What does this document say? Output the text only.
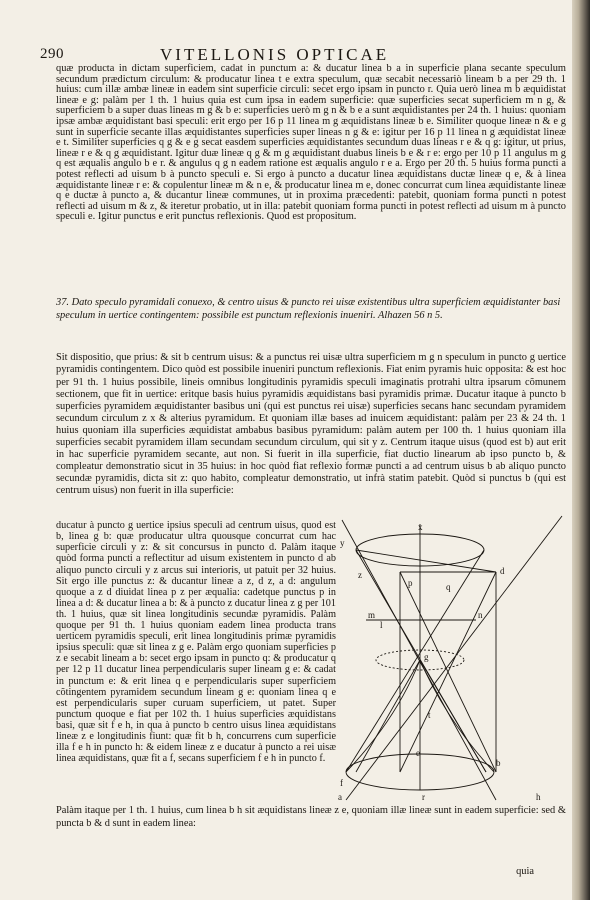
290	VITELLONIS OPTICAE

quæ producta in dictam superficiem, cadat in punctum a: & ducatur linea b a in superficie plana secante speculum secundum prædictum circulum: & producatur linea t e extra speculum, quæ secabit necessariò lineam b a per 29 th. 1 huius: cum illæ ambæ lineæ in eadem sint superficie circuli: secet ergo ipsam in puncto r. Quia uerò linea m b æquidistat lineæ e g: palàm per 1 th. 1 huius quia est cum ipsa in eadem superficie: quæ superficies secat superficiem m n g, & superficiem b a super duas lineas m g & b e: superficies uerò m g n & b e a sunt æquidistantes per 24 th. 1 huius: quoniam ipsæ ambæ æquidistant basi speculi: erit ergo per 16 p 11 linea m g æquidistans lineæ b e. Similiter quoque lineæ n & e g sunt in superficie secante illas æquidistantes superficies super lineas n g & e: igitur per 16 p 11 linea n g æquidistat lineæ e t. Similiter superficies q g & e g secat easdem superficies æquidistantes secundum duas lineas r e & q g: igitur, ut prius, lineæ r e & q g æquidistant. Igitur duæ lineæ q g & m g æquidistant duabus lineis b e & r e: ergo per 10 p 11 angulus m g q est æqualis angulo b e r. & angulus q g n eadem ratione est æqualis angulo r e a. Ergo per 20 th. 5 huius forma puncti a potest reflecti ad uisum b à puncto speculi e. Si ergo à puncto a ducatur linea æquidistans ductæ lineæ q e, & à linea æquidistante lineæ r e: & copulentur lineæ m & n e, & producatur linea m e, donec concurrat cum linea æquidistante lineæ q e ductæ à puncto a, & ducantur lineæ communes, ut in proxima præcedenti: patebit, quoniam forma puncti n potest reflecti ad uisum m & z, & iteretur probatio, ut in illa: patebit quoniam forma puncti in potest reflecti ad uisum m à puncto speculi e. Igitur punctus e erit punctus reflexionis. Quod est propositum.

37. Dato speculo pyramidali conuexo, & centro uisus & puncto rei uisæ existentibus ultra superficiem æquidistanter basi speculum in uertice contingentem: possibile est punctum reflexionis inueniri. Alhazen 56 n 5.

Sit dispositio, que prius: & sit b centrum uisus: & a punctus rei uisæ ultra superficiem m g n speculum in puncto g uertice pyramidis contingentem. Dico quòd est possibile inueniri punctum reflexionis. Fiat enim pyramis huic opposita: & est hoc per 91 th. 1 huius possibile, lineis omnibus longitudinis pyramidis speculi imaginatis protrahi ultra ipsarum cõmunem sectionem, que fit in uertice: eritque basis huius pyramidis æquidistans basi pyramidis primæ. Ducatur itaque à puncto b superficies pyramidem æquidistanter basibus uni (qui est punctus rei uisæ) superficies secans hanc secundam pyramidem secundum circulum z x & alterius pyramidum. Et quoniam illæ bases ad inuicem æquidistant: palàm per 23 & 24 th. 1 huius quoniam illa superficies æquidistat ambabus basibus pyramidum: palàm autem per 100 th. 1 huius quoniam illa superficies secabit pyramidem illam secundam secundum circulum, qui sit y z. Centrum itaque uisus (quod est b) aut erit in hac superficie pyramidem secante, aut non. Si fuerit in illa superficie, fiat ductio linearum ab ipso puncto b, & compleatur demonstratio sicut in 35 huius: in hoc quòd fiat reflexio formæ puncti a ad centrum uisus b ab aliquo puncto secundæ pyramidis, dicta sit z: quo habito, compleatur demonstratio, ut infrà statim patebit. Quòd si punctus b (qui est centrum uisus) non fuerit in illa superficie:

ducatur à puncto g uertice ipsius speculi ad centrum uisus, quod est b, linea g b: quæ producatur ultra quousque concurrat cum hac superficie circuli y z: & sit concursus in puncto d. Palàm itaque quòd forma puncti a reflectitur ad uisum existentem in puncto d ab aliquo puncto circuli y z arcus sui interioris, ut patuit per 32 huius. Sit ergo ille punctus z: & ducantur lineæ a z, d z, a d: angulum quoque a z d diuidat linea p z per æqualia: cadetque punctus p in linea a d: & ducatur linea a b: & à puncto z ducatur linea z g per 101 th. 1 huius, quæ sit linea longitudinis secundæ pyramidis. Palàm quoque per 91 th. 1 huius quoniam eadem linea producta trans uerticem pyramidis speculi, erit linea longitudinis primæ pyramidis ipsius speculi: quæ sit linea z g e. Palàm ergo quoniam superficies p z e secabit lineam a b: secet ergo ipsam in puncto q: & producatur q per 12 p 11 ducatur linea perpendicularis super lineam g e: & cadat in punctum e: & erit linea q e perpendicularis super superficiem cõtingentem pyramidem secundum lineam g e: quoniam linea q e est perpendicularis super curuam superficiem, ut patet. Super punctum quoque e fiat per 102 th. 1 huius superficies æquidistans basi, quæ sit f e h, in qua à puncto b centro uisus linea æquidistans lineæ z e longitudinis fiunt: quæ fit b h, concurrens cum superficie illa f e h in puncto h: & eidem lineæ z e ducatur à puncto a rei uisæ linea æquidistans, quæ fit a f, secans superficiem f e h in puncto f.

x
y
z
p
d
q
g
m	n
l
f
e
b
r	h
t
a

Palàm itaque per 1 th. 1 huius, cum linea b h sit æquidistans lineæ z e, quoniam illæ lineæ sunt in eadem superficie: sed & puncta b & d sunt in eadem linea:

quia
